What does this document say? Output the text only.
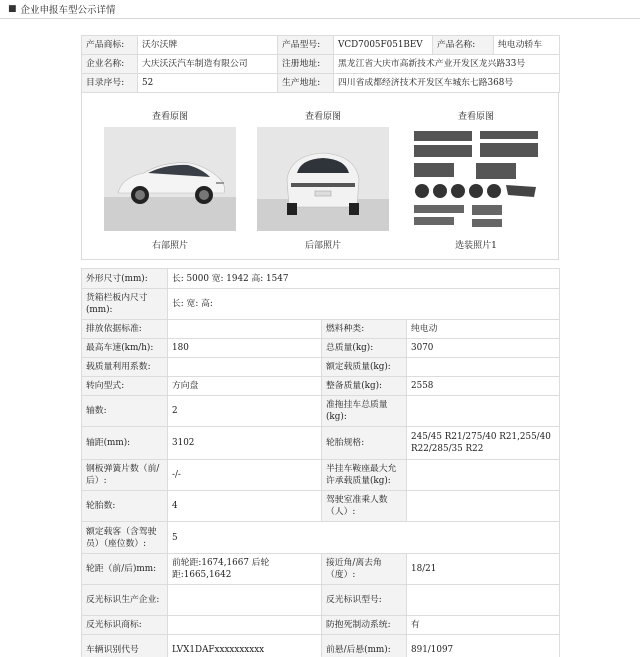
■ 企业申报车型公示详情
产品商标:	沃尔沃牌	产品型号:	VCD7005F051BEV	产品名称:	纯电动轿车
企业名称:	大庆沃沃汽车制造有限公司	注册地址:	黑龙江省大庆市高新技术产业开发区龙兴路33号		
目录序号:	52	生产地址:	四川省成都经济技术开发区车城东七路368号		
查看原图
右部照片
查看原图
后部照片
查看原图
选装照片1
外形尺寸(mm):	长: 5000 宽: 1942 高: 1547		
货箱栏板内尺寸(mm):	长: 宽: 高:		
排放依据标准:		燃料种类:	纯电动
最高车速(km/h):	180	总质量(kg):	3070
载质量利用系数:		额定载质量(kg):	
转向型式:	方向盘	整备质量(kg):	2558
轴数:	2	准拖挂车总质量(kg):	
轴距(mm):	3102	轮胎规格:	245/45 R21/275/40 R21,255/40
R22/285/35 R22

钢板弹簧片数（前/后）:	-/-	半挂车鞍座最大允许承载质量(kg):	
轮胎数:	4	驾驶室准乘人数（人）:	
额定载客（含驾驶员）（座位数）:	5		
轮距（前/后)mm:	前轮距:1674,1667 后轮距:1665,1642	接近角/离去角（度）:	18/21
反光标识生产企业:		反光标识型号:	
反光标识商标:		防抱死制动系统:	有
车辆识别代号	LVX1DAFxxxxxxxxxx	前悬/后悬(mm):	891/1097
